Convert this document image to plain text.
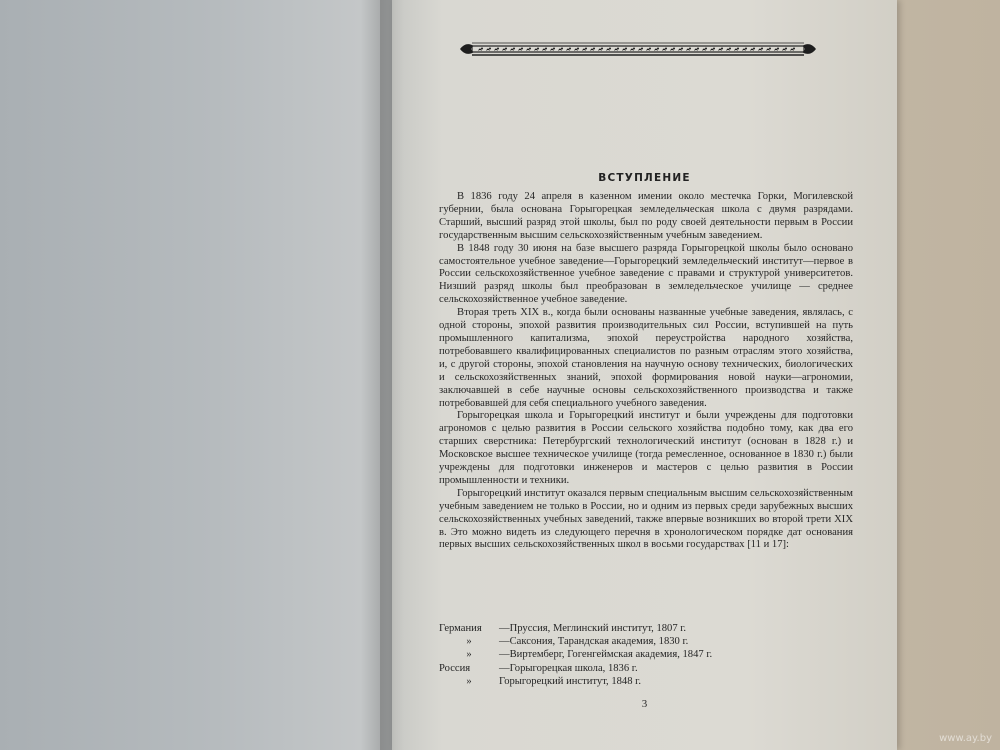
ВСТУПЛЕНИЕ

В 1836 году 24 апреля в казенном имении около местечка Горки, Могилевской губернии, была основана Горыгорецкая земледельческая школа с двумя разрядами. Старший, высший разряд этой школы, был по роду своей деятельности первым в России государственным высшим сельскохозяйственным учебным заведением.

В 1848 году 30 июня на базе высшего разряда Горыгорецкой школы было основано самостоятельное учебное заведение—Горыгорецкий земледельческий институт—первое в России сельскохозяйственное учебное заведение с правами и структурой университетов. Низший разряд школы был преобразован в земледельческое училище — среднее сельскохозяйственное учебное заведение.

Вторая треть XIX в., когда были основаны названные учебные заведения, являлась, с одной стороны, эпохой развития производительных сил России, вступившей на путь промышленного капитализма, эпохой переустройства народного хозяйства, потребовавшего квалифицированных специалистов по разным отраслям этого хозяйства, и, с другой стороны, эпохой становления на научную основу технических, биологических и сельскохозяйственных знаний, эпохой формирования новой науки—агрономии, заключавшей в себе научные основы сельскохозяйственного производства и также потребовавшей для себя специального учебного заведения.

Горыгорецкая школа и Горыгорецкий институт и были учреждены для подготовки агрономов с целью развития в России сельского хозяйства подобно тому, как два его старших сверстника: Петербургский технологический институт (основан в 1828 г.) и Московское высшее техническое училище (тогда ремесленное, основанное в 1830 г.) были учреждены для подготовки инженеров и мастеров с целью развития в России промышленности и техники.

Горыгорецкий институт оказался первым специальным высшим сельскохозяйственным учебным заведением не только в России, но и одним из первых среди зарубежных высших сельскохозяйственных учебных заведений, также впервые возникших во второй трети XIX в. Это можно видеть из следующего перечня в хронологическом порядке дат основания первых высших сельскохозяйственных школ в восьми государствах [11 и 17]:

Германия	—Пруссия, Меглинский институт, 1807 г.
»	—Саксония, Тарандская академия, 1830 г.
»	—Виртемберг, Гогенгеймская академия, 1847 г.
Россия	—Горыгорецкая школа, 1836 г.
»	Горыгорецкий институт, 1848 г.
3
www.ay.by
